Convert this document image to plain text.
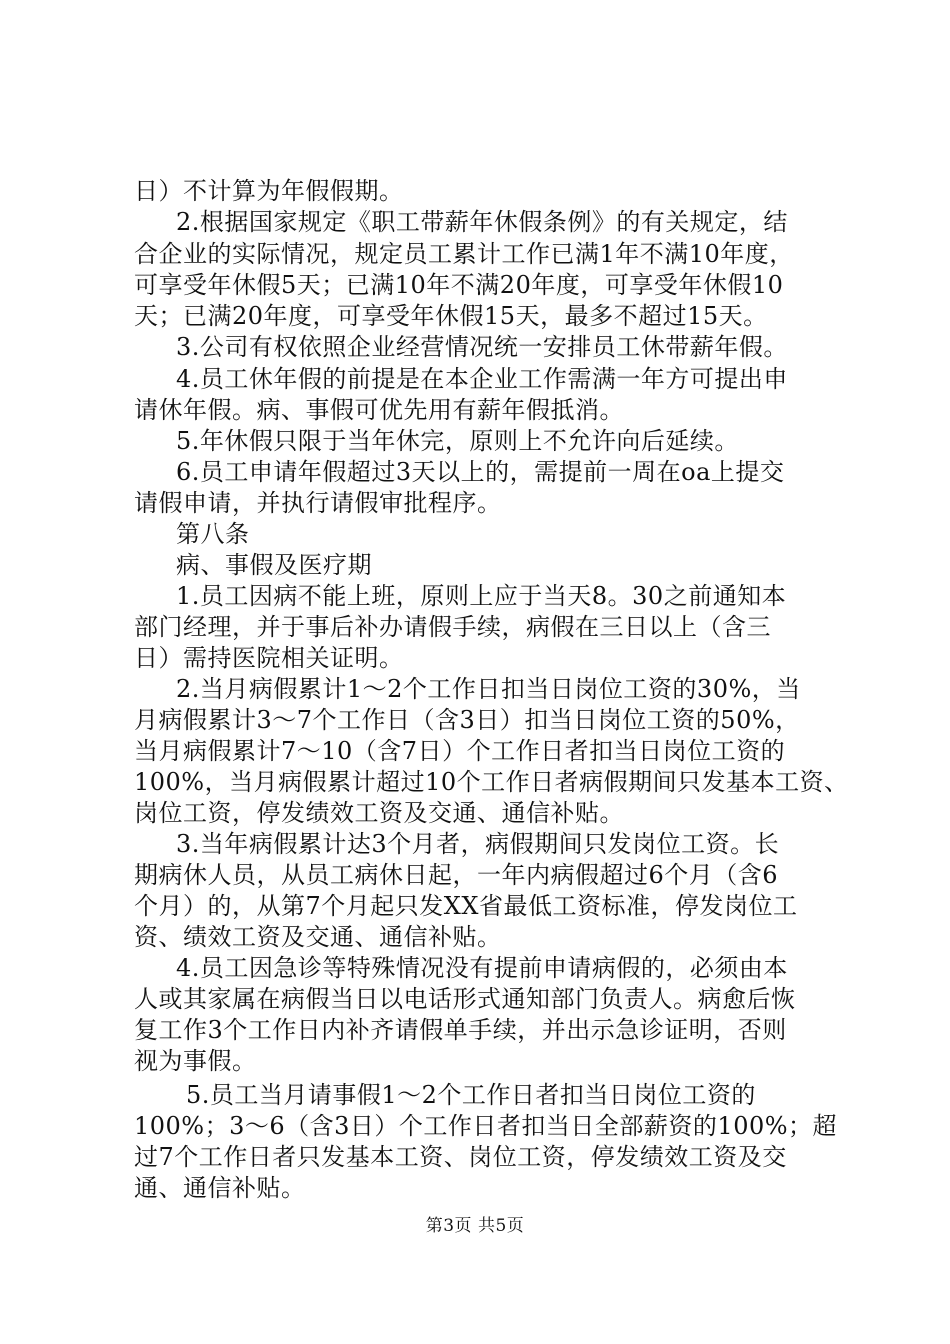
日）不计算为年假假期。
2.根据国家规定《职工带薪年休假条例》的有关规定，结
合企业的实际情况，规定员工累计工作已满1年不满10年度，
可享受年休假5天；已满10年不满20年度，可享受年休假10
天；已满20年度，可享受年休假15天，最多不超过15天。
3.公司有权依照企业经营情况统一安排员工休带薪年假。
4.员工休年假的前提是在本企业工作需满一年方可提出申
请休年假。病、事假可优先用有薪年假抵消。
5.年休假只限于当年休完，原则上不允许向后延续。
6.员工申请年假超过3天以上的，需提前一周在oa上提交
请假申请，并执行请假审批程序。
第八条
病、事假及医疗期
1.员工因病不能上班，原则上应于当天8。30之前通知本
部门经理，并于事后补办请假手续，病假在三日以上（含三
日）需持医院相关证明。
2.当月病假累计1～2个工作日扣当日岗位工资的30%，当
月病假累计3～7个工作日（含3日）扣当日岗位工资的50%，
当月病假累计7～10（含7日）个工作日者扣当日岗位工资的
100%，当月病假累计超过10个工作日者病假期间只发基本工资、
岗位工资，停发绩效工资及交通、通信补贴。
3.当年病假累计达3个月者，病假期间只发岗位工资。长
期病休人员，从员工病休日起，一年内病假超过6个月（含6
个月）的，从第7个月起只发XX省最低工资标准，停发岗位工
资、绩效工资及交通、通信补贴。
4.员工因急诊等特殊情况没有提前申请病假的，必须由本
人或其家属在病假当日以电话形式通知部门负责人。病愈后恢
复工作3个工作日内补齐请假单手续，并出示急诊证明，否则
视为事假。
5.员工当月请事假1～2个工作日者扣当日岗位工资的
100%；3～6（含3日）个工作日者扣当日全部薪资的100%；超
过7个工作日者只发基本工资、岗位工资，停发绩效工资及交
通、通信补贴。
第3页 共5页
